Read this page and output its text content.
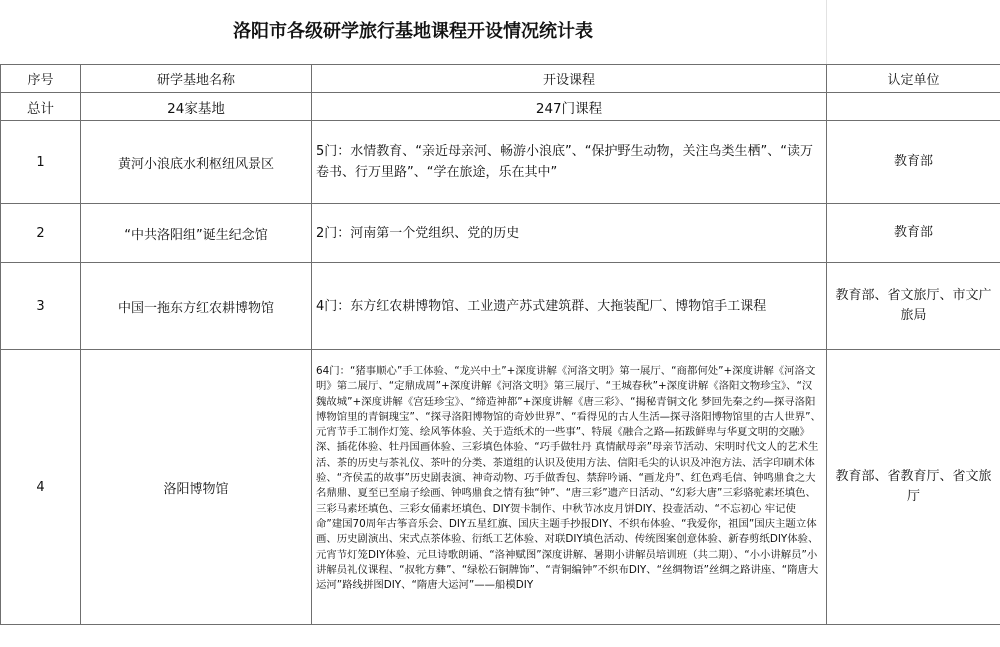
洛阳市各级研学旅行基地课程开设情况统计表
序号	研学基地名称	开设课程	认定单位
总计	24家基地	247门课程	
1	黄河小浪底水利枢纽风景区	5门：水情教育、“亲近母亲河、畅游小浪底”、“保护野生动物，关注鸟类生栖”、“读万卷书、行万里路”、“学在旅途，乐在其中”	教育部
2	“中共洛阳组”诞生纪念馆	2门：河南第一个党组织、党的历史	教育部
3	中国一拖东方红农耕博物馆	4门：东方红农耕博物馆、工业遗产苏式建筑群、大拖装配厂、博物馆手工课程	教育部、省文旅厅、市文广旅局
4	洛阳博物馆	64门：“猪事顺心”手工体验、“龙兴中土”+深度讲解《河洛文明》第一展厅、“商都何处”+深度讲解《河洛文明》第二展厅、“定鼎成周”+深度讲解《河洛文明》第三展厅、“王城春秋”+深度讲解《洛阳文物珍宝》、“汉魏故城”+深度讲解《宫廷珍宝》、“缔造神都”+深度讲解《唐三彩》、“揭秘青铜文化 梦回先秦之约—探寻洛阳博物馆里的青铜瑰宝”、“探寻洛阳博物馆的奇妙世界”、“看得见的古人生活—探寻洛阳博物馆里的古人世界”、元宵节手工制作灯笼、绘风筝体验、关于造纸术的一些事”、特展《融合之路—拓跋鲜卑与华夏文明的交融》深、插花体验、牡丹国画体验、三彩填色体验、“巧手做牡丹 真情献母亲”母亲节活动、宋明时代文人的艺术生活、茶的历史与茶礼仪、茶叶的分类、茶道组的认识及使用方法、信阳毛尖的认识及冲泡方法、活字印刷术体验、“齐侯盂的故事”历史剧表演、神奇动物、巧手做香包、禁辞吟诵、“画龙舟”、红色鸡毛信、钟鸣鼎食之大名鼎鼎、夏至已至扇子绘画、钟鸣鼎食之情有独“钟”、“唐三彩”遗产日活动、“幻彩大唐”三彩骆驼素坯填色、三彩马素坯填色、三彩女俑素坯填色、DIY贺卡制作、中秋节冰皮月饼DIY、投壶活动、“不忘初心 牢记使命”建国70周年古筝音乐会、DIY五星红旗、国庆主题手抄报DIY、不织布体验、“我爱你，祖国”国庆主题立体画、历史剧演出、宋式点茶体验、衍纸工艺体验、对联DIY填色活动、传统图案创意体验、新春剪纸DIY体验、元宵节灯笼DIY体验、元旦诗歌朗诵、“洛神赋图”深度讲解、暑期小讲解员培训班（共二期）、“小小讲解员”小讲解员礼仪课程、“叔牝方彝”、“绿松石铜牌饰”、“青铜编钟”不织布DIY、“丝绸物语”丝绸之路讲座、“隋唐大运河”路线拼图DIY、“隋唐大运河”——船模DIY	教育部、省教育厅、省文旅厅
